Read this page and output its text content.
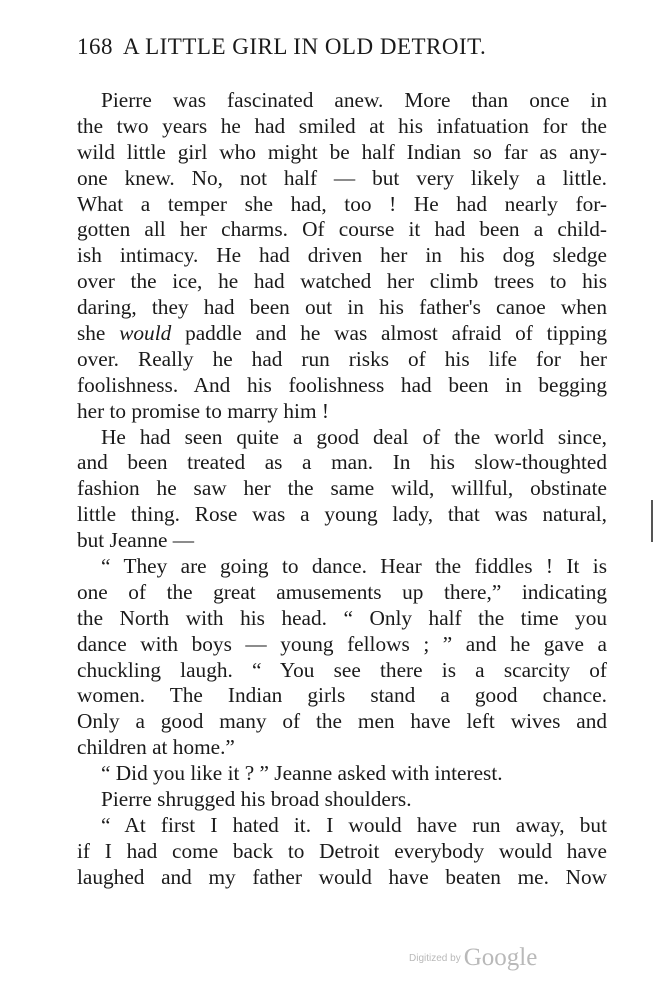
168 A LITTLE GIRL IN OLD DETROIT.
Pierre was fascinated anew. More than once in
the two years he had smiled at his infatuation for the
wild little girl who might be half Indian so far as any-
one knew. No, not half — but very likely a little.
What a temper she had, too ! He had nearly for-
gotten all her charms. Of course it had been a child-
ish intimacy. He had driven her in his dog sledge
over the ice, he had watched her climb trees to his
daring, they had been out in his father's canoe when
she would paddle and he was almost afraid of tipping
over. Really he had run risks of his life for her
foolishness. And his foolishness had been in begging
her to promise to marry him !
He had seen quite a good deal of the world since,
and been treated as a man. In his slow-thoughted
fashion he saw her the same wild, willful, obstinate
little thing. Rose was a young lady, that was natural,
but Jeanne —
“ They are going to dance. Hear the fiddles ! It is
one of the great amusements up there,” indicating
the North with his head. “ Only half the time you
dance with boys — young fellows ; ” and he gave a
chuckling laugh. “ You see there is a scarcity of
women. The Indian girls stand a good chance.
Only a good many of the men have left wives and
children at home.”
“ Did you like it ? ” Jeanne asked with interest.
Pierre shrugged his broad shoulders.
“ At first I hated it. I would have run away, but
if I had come back to Detroit everybody would have
laughed and my father would have beaten me. Now
$^{Digitized by}$ Google
